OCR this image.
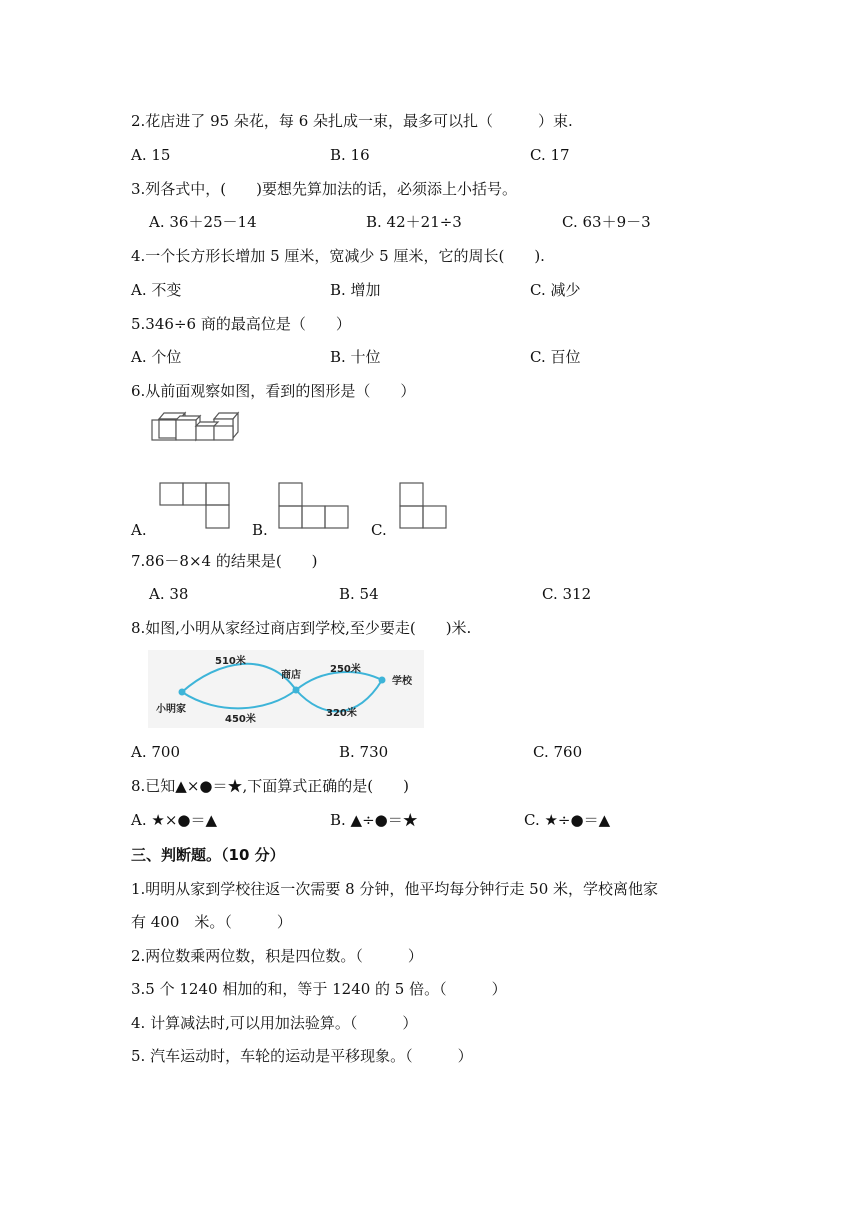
2.花店进了 95 朵花，每 6 朵扎成一束，最多可以扎（　　　）束.
A. 15	B. 16	C. 17
3.列各式中，(　　)要想先算加法的话，必须添上小括号。
A. 36＋25－14	B. 42＋21÷3	C. 63＋9－3
4.一个长方形长增加 5 厘米，宽减少 5 厘米，它的周长(　　).
A. 不变	B. 增加	C. 减少
5.346÷6 商的最高位是（　　）
A. 个位	B. 十位	C. 百位
6.从前面观察如图，看到的图形是（　　）
A.	B.	C.
7.86－8×4 的结果是(　　)
A. 38	B. 54	C. 312
8.如图,小明从家经过商店到学校,至少要走(　　)米.
510米
450米
商店
250米
320米
小明家
学校
A. 700	B. 730	C. 760
8.已知▲×●＝★,下面算式正确的是(　　)
A. ★×●＝▲	B. ▲÷●＝★	C. ★÷●＝▲
三、判断题。（10 分）
1.明明从家到学校往返一次需要 8 分钟，他平均每分钟行走 50 米，学校离他家
有 400　米。（　　　）
2.两位数乘两位数，积是四位数。（　　　）
3.5 个 1240 相加的和，等于 1240 的 5 倍。（　　　）
4. 计算减法时,可以用加法验算。（　　　）
5. 汽车运动时，车轮的运动是平移现象。（　　　）
